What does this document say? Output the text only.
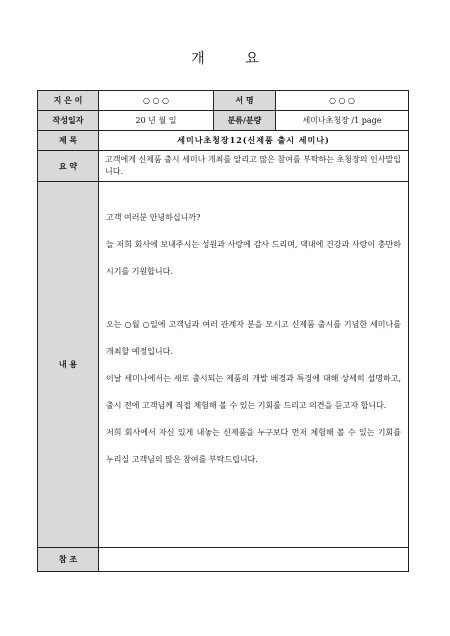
개 요
지 은 이	○ ○ ○	서 명	○ ○ ○
작성일자	20 년 월 일	분류/분량	세미나초청장 /1 page
제 목	세미나초청장12(신제품 출시 세미나)		
요 약	고객에게 신제품 출시 세미나 개최를 알리고 많은 참여를 부탁하는 초청장의 인사말입니다.		
내 용	고객 여러분 안녕하십니까?

늘 저희 회사에 보내주시는 성원과 사랑에 감사 드리며, 댁내에 건강과 사랑이 충만하시기를 기원합니다.

오는 ○월 ○일에 고객님과 여러 관계자 분을 모시고 신제품 출시를 기념한 세미나를 개최할 예정입니다.

이날 세미나에서는 새로 출시되는 제품의 개발 배경과 특징에 대해 상세히 설명하고, 출시 전에 고객님께 직접 체험해 볼 수 있는 기회를 드리고 의견을 듣고자 합니다.

저희 회사에서 자신 있게 내놓는 신제품을 누구보다 먼저 체험해 볼 수 있는 기회를 누리실 고객님의 많은 참여를 부탁드립니다.		

참 조			
